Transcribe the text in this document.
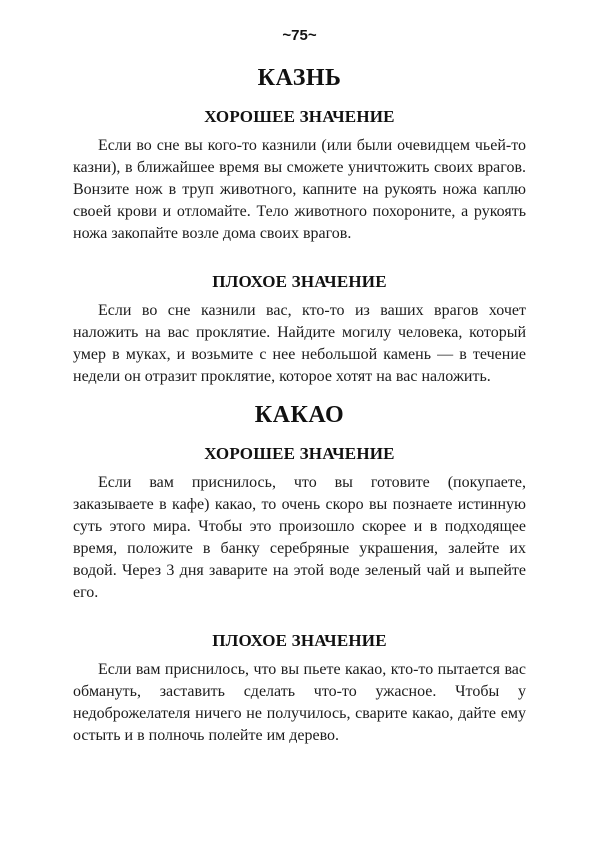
~75~
КАЗНЬ
ХОРОШЕЕ ЗНАЧЕНИЕ

Если во сне вы кого-то казнили (или были очевидцем чьей-то казни), в ближайшее время вы сможете уничтожить своих врагов. Вонзите нож в труп животного, капните на рукоять ножа каплю своей крови и отломайте. Тело животного похороните, а рукоять ножа закопайте возле дома своих врагов.

ПЛОХОЕ ЗНАЧЕНИЕ

Если во сне казнили вас, кто-то из ваших врагов хочет наложить на вас проклятие. Найдите могилу человека, который умер в муках, и возьмите с нее небольшой камень — в течение недели он отразит проклятие, которое хотят на вас наложить.

КАКАО
ХОРОШЕЕ ЗНАЧЕНИЕ

Если вам приснилось, что вы готовите (покупаете, заказываете в кафе) какао, то очень скоро вы познаете истинную суть этого мира. Чтобы это произошло скорее и в подходящее время, положите в банку серебряные украшения, залейте их водой. Через 3 дня заварите на этой воде зеленый чай и выпейте его.

ПЛОХОЕ ЗНАЧЕНИЕ

Если вам приснилось, что вы пьете какао, кто-то пытается вас обмануть, заставить сделать что-то ужасное. Чтобы у недоброжелателя ничего не получилось, сварите какао, дайте ему остыть и в полночь полейте им дерево.
